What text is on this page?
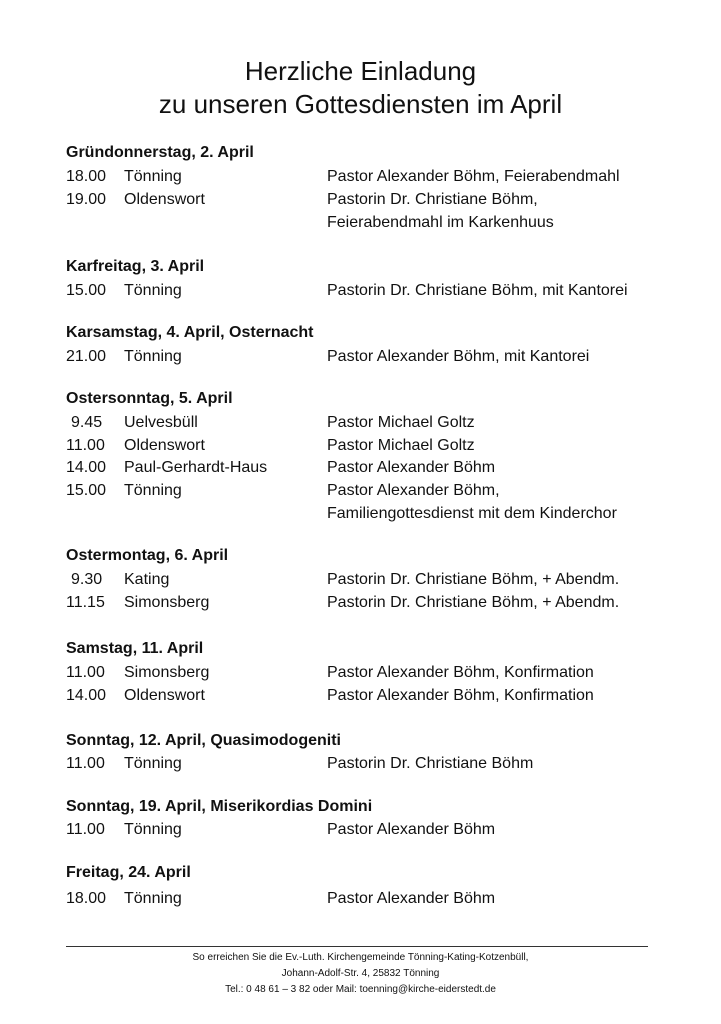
Herzliche Einladung
zu unseren Gottesdiensten im April
Gründonnerstag, 2. April
18.00 Tönning	Pastor Alexander Böhm, Feierabendmahl
19.00 Oldenswort	Pastorin Dr. Christiane Böhm,
Feierabendmahl im Karkenhuus
Karfreitag, 3. April
15.00 Tönning	Pastorin Dr. Christiane Böhm, mit Kantorei
Karsamstag, 4. April, Osternacht
21.00 Tönning	Pastor Alexander Böhm, mit Kantorei
Ostersonntag, 5. April
9.45 Uelvesbüll	Pastor Michael Goltz
11.00 Oldenswort	Pastor Michael Goltz
14.00 Paul-Gerhardt-Haus	Pastor Alexander Böhm
15.00 Tönning	Pastor Alexander Böhm,
Familiengottesdienst mit dem Kinderchor
Ostermontag, 6. April
9.30 Kating	Pastorin Dr. Christiane Böhm, + Abendm.
11.15 Simonsberg	Pastorin Dr. Christiane Böhm, + Abendm.
Samstag, 11. April
11.00 Simonsberg	Pastor Alexander Böhm, Konfirmation
14.00 Oldenswort	Pastor Alexander Böhm, Konfirmation
Sonntag, 12. April, Quasimodogeniti
11.00 Tönning	Pastorin Dr. Christiane Böhm
Sonntag, 19. April, Miserikordias Domini
11.00 Tönning	Pastor Alexander Böhm
Freitag, 24. April
18.00 Tönning	Pastor Alexander Böhm
So erreichen Sie die Ev.-Luth. Kirchengemeinde Tönning-Kating-Kotzenbüll,
Johann-Adolf-Str. 4, 25832 Tönning
Tel.: 0 48 61 – 3 82 oder Mail: toenning@kirche-eiderstedt.de
